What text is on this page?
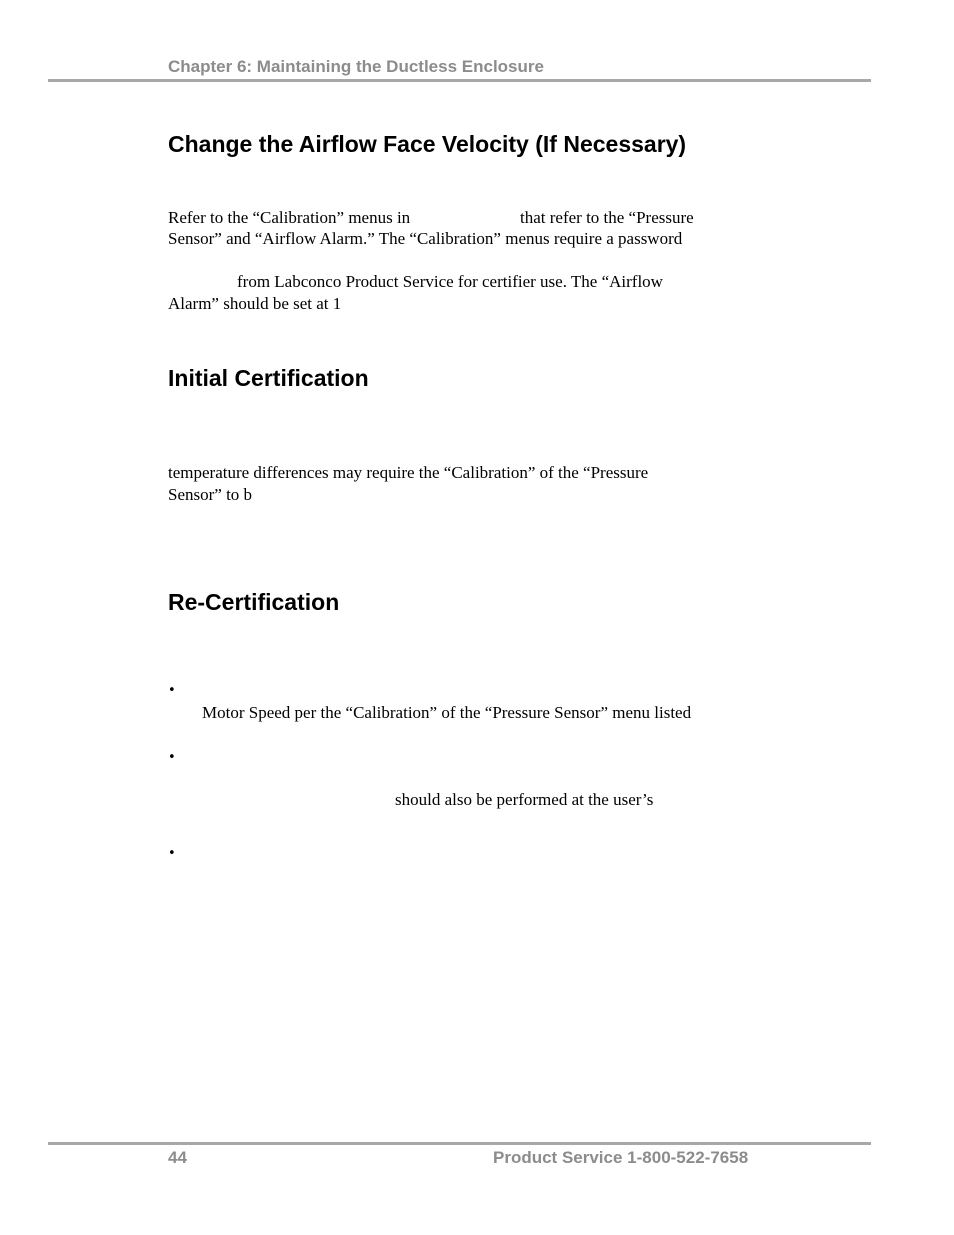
Chapter 6: Maintaining the Ductless Enclosure
Change the Airflow Face Velocity (If Necessary)
Refer to the “Calibration” menus in	that refer to the “Pressure
Sensor” and “Airflow Alarm.” The “Calibration” menus require a password
from Labconco Product Service for certifier use. The “Airflow
Alarm” should be set at 1
Initial Certification
temperature differences may require the “Calibration” of the “Pressure
Sensor” to b
Re-Certification
•
Motor Speed per the “Calibration” of the “Pressure Sensor” menu listed
•
should also be performed at the user’s
•
44	Product Service 1-800-522-7658
